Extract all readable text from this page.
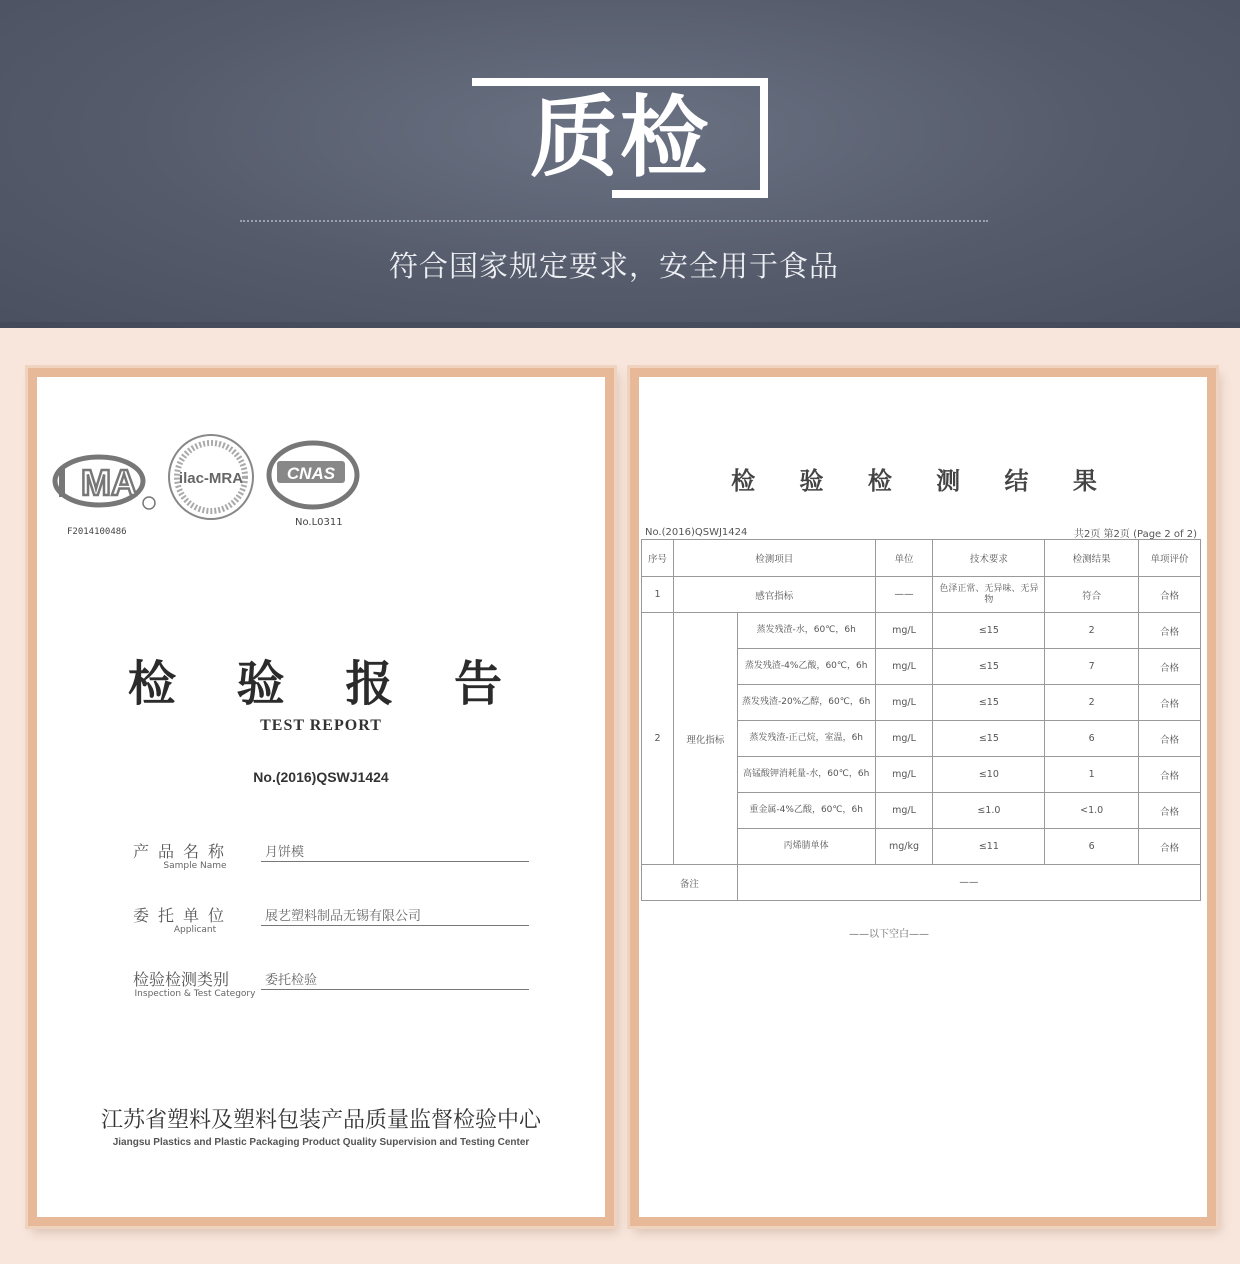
质检
符合国家规定要求，安全用于食品
MA	ilac-MRA	CNAS
F2014100486
No.L0311
检 验 报 告
TEST REPORT
No.(2016)QSWJ1424
产品名称
Sample Name
月饼模
委托单位
Applicant
展艺塑料制品无锡有限公司
检验检测类别
Inspection & Test Category
委托检验
江苏省塑料及塑料包装产品质量监督检验中心
Jiangsu Plastics and Plastic Packaging Product Quality Supervision and Testing Center
检 验 检 测 结 果
No.(2016)QSWJ1424	共2页 第2页 (Page 2 of 2)
序号	检测项目		单位	技术要求	检测结果	单项评价
1	感官指标		——	色泽正常、无异味、无异物	符合	合格
2	理化指标	蒸发残渣-水，60℃，6h	mg/L	≤15	2	合格
		蒸发残渣-4%乙酸，60℃，6h	mg/L	≤15	7	合格
		蒸发残渣-20%乙醇，60℃，6h	mg/L	≤15	2	合格
		蒸发残渣-正己烷，室温，6h	mg/L	≤15	6	合格
		高锰酸钾消耗量-水，60℃，6h	mg/L	≤10	1	合格
		重金属-4%乙酸，60℃，6h	mg/L	≤1.0	<1.0	合格
		丙烯腈单体	mg/kg	≤11	6	合格
备注		——				
——以下空白——
